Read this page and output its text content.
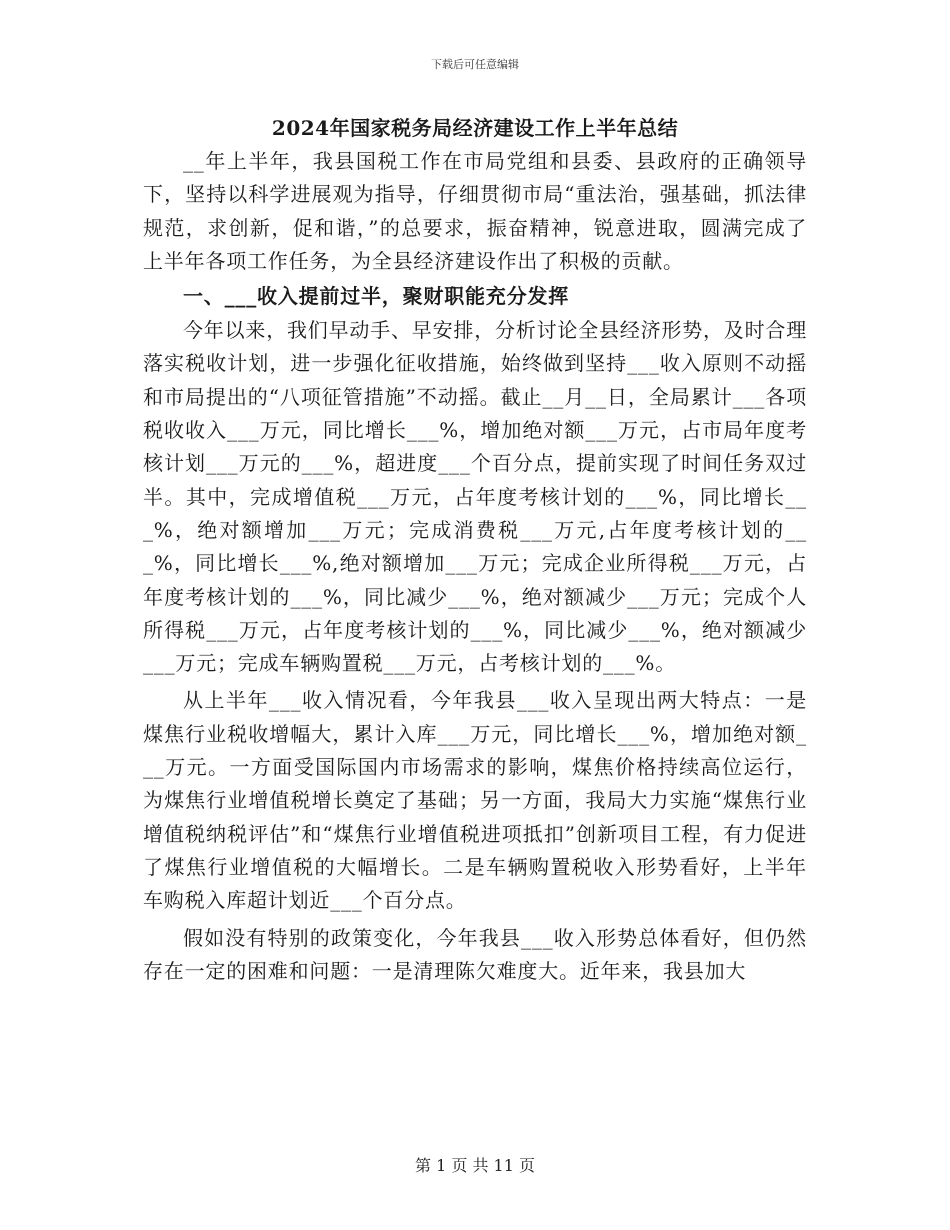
下载后可任意编辑
2024年国家税务局经济建设工作上半年总结

__年上半年，我县国税工作在市局党组和县委、县政府的正确领导下，坚持以科学进展观为指导，仔细贯彻市局“重法治，强基础，抓法律规范，求创新，促和谐，”的总要求，振奋精神，锐意进取，圆满完成了上半年各项工作任务，为全县经济建设作出了积极的贡献。

一、___收入提前过半，聚财职能充分发挥

今年以来，我们早动手、早安排，分析讨论全县经济形势，及时合理落实税收计划，进一步强化征收措施，始终做到坚持___收入原则不动摇和市局提出的“八项征管措施”不动摇。截止__月__日，全局累计___各项税收收入___万元，同比增长___%，增加绝对额___万元，占市局年度考核计划___万元的___%，超进度___个百分点，提前实现了时间任务双过半。其中，完成增值税___万元，占年度考核计划的___%，同比增长___%，绝对额增加___万元；完成消费税___万元,占年度考核计划的___%，同比增长___%,绝对额增加___万元；完成企业所得税___万元，占年度考核计划的___%，同比减少___%，绝对额减少___万元；完成个人所得税___万元，占年度考核计划的___%，同比减少___%，绝对额减少___万元；完成车辆购置税___万元，占考核计划的___%。

从上半年___收入情况看，今年我县___收入呈现出两大特点：一是煤焦行业税收增幅大，累计入库___万元，同比增长___%，增加绝对额___万元。一方面受国际国内市场需求的影响，煤焦价格持续高位运行，为煤焦行业增值税增长奠定了基础；另一方面，我局大力实施“煤焦行业增值税纳税评估”和“煤焦行业增值税进项抵扣”创新项目工程，有力促进了煤焦行业增值税的大幅增长。二是车辆购置税收入形势看好，上半年车购税入库超计划近___个百分点。

假如没有特别的政策变化，今年我县___收入形势总体看好，但仍然存在一定的困难和问题：一是清理陈欠难度大。近年来，我县加大

第 1 页 共 11 页
